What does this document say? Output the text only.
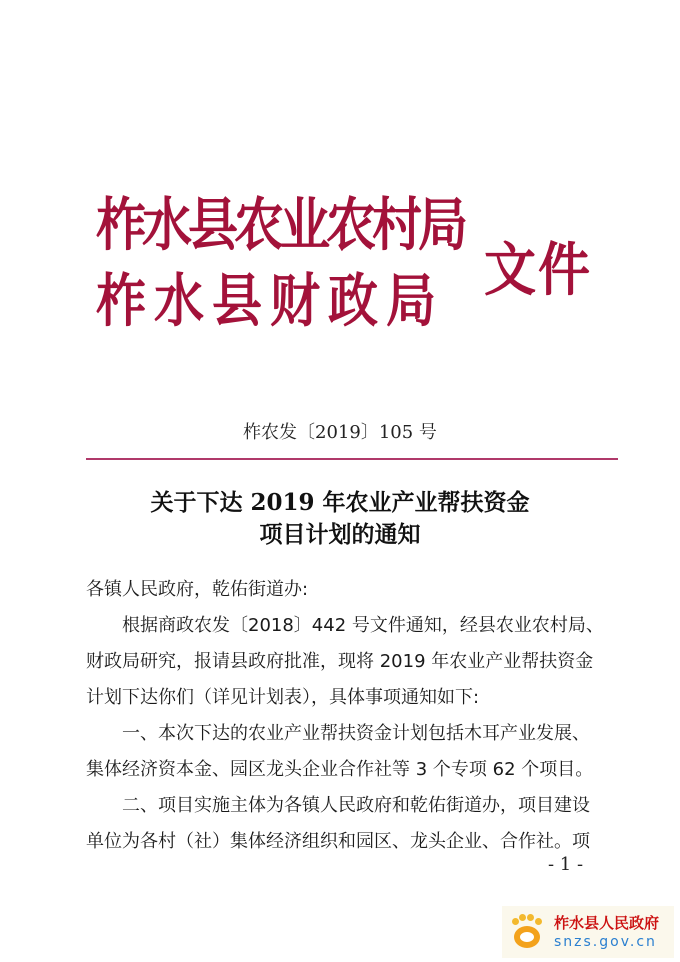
柞水县农业农村局
柞水县财政局 文件
柞农发〔2019〕105 号
关于下达 2019 年农业产业帮扶资金
项目计划的通知
各镇人民政府，乾佑街道办:
根据商政农发〔2018〕442 号文件通知，经县农业农村局、
财政局研究，报请县政府批准，现将 2019 年农业产业帮扶资金
计划下达你们（详见计划表），具体事项通知如下:
一、本次下达的农业产业帮扶资金计划包括木耳产业发展、
集体经济资本金、园区龙头企业合作社等 3 个专项 62 个项目。
二、项目实施主体为各镇人民政府和乾佑街道办，项目建设
单位为各村（社）集体经济组织和园区、龙头企业、合作社。项
- 1 -
柞水县人民政府
snzs.gov.cn
